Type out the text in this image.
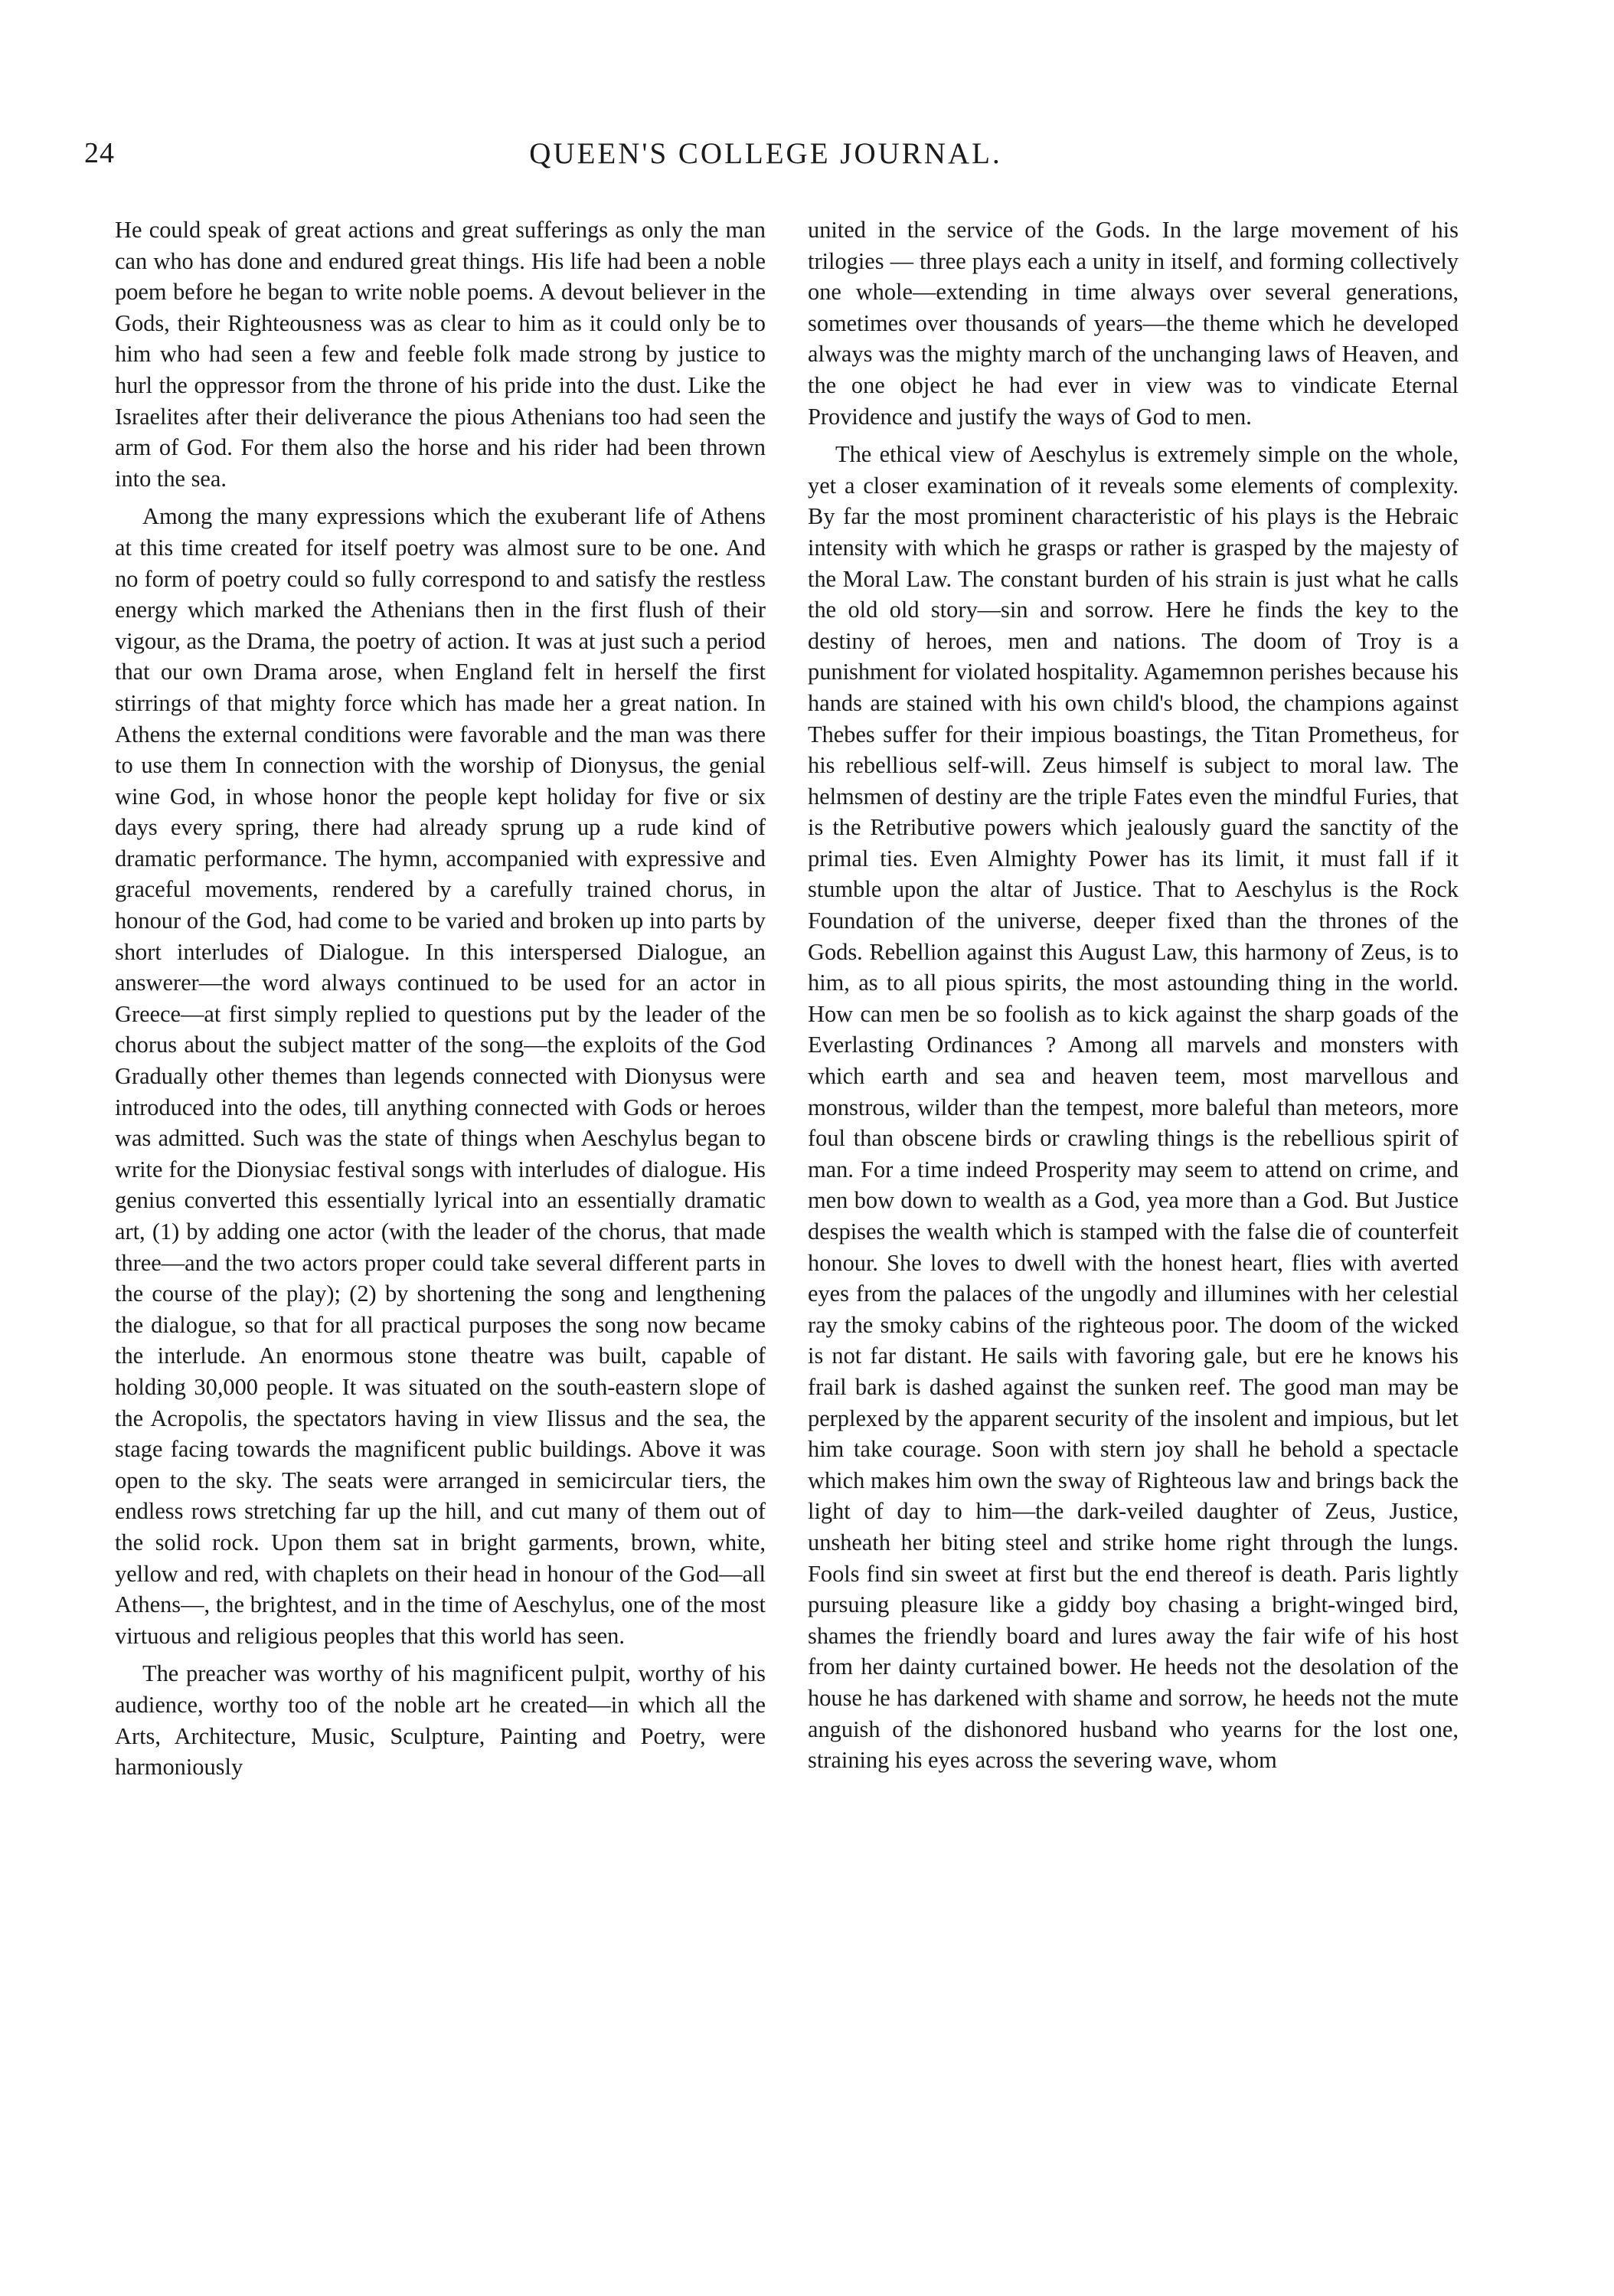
24	QUEEN'S COLLEGE JOURNAL.

He could speak of great actions and great sufferings as only the man can who has done and endured great things. His life had been a noble poem before he began to write noble poems. A devout believer in the Gods, their Righteousness was as clear to him as it could only be to him who had seen a few and feeble folk made strong by justice to hurl the oppressor from the throne of his pride into the dust. Like the Israelites after their deliverance the pious Athenians too had seen the arm of God. For them also the horse and his rider had been thrown into the sea.

Among the many expressions which the exuberant life of Athens at this time created for itself poetry was almost sure to be one. And no form of poetry could so fully correspond to and satisfy the restless energy which marked the Athenians then in the first flush of their vigour, as the Drama, the poetry of action. It was at just such a period that our own Drama arose, when England felt in herself the first stirrings of that mighty force which has made her a great nation. In Athens the external conditions were favorable and the man was there to use them In connection with the worship of Dionysus, the genial wine God, in whose honor the people kept holiday for five or six days every spring, there had already sprung up a rude kind of dramatic performance. The hymn, accompanied with expressive and graceful movements, rendered by a carefully trained chorus, in honour of the God, had come to be varied and broken up into parts by short interludes of Dialogue. In this interspersed Dialogue, an answerer—the word always continued to be used for an actor in Greece—at first simply replied to questions put by the leader of the chorus about the subject matter of the song—the exploits of the God Gradually other themes than legends connected with Dionysus were introduced into the odes, till anything connected with Gods or heroes was admitted. Such was the state of things when Aeschylus began to write for the Dionysiac festival songs with interludes of dialogue. His genius converted this essentially lyrical into an essentially dramatic art, (1) by adding one actor (with the leader of the chorus, that made three—and the two actors proper could take several different parts in the course of the play); (2) by shortening the song and lengthening the dialogue, so that for all practical purposes the song now became the interlude. An enormous stone theatre was built, capable of holding 30,000 people. It was situated on the south-eastern slope of the Acropolis, the spectators having in view Ilissus and the sea, the stage facing towards the magnificent public buildings. Above it was open to the sky. The seats were arranged in semicircular tiers, the endless rows stretching far up the hill, and cut many of them out of the solid rock. Upon them sat in bright garments, brown, white, yellow and red, with chaplets on their head in honour of the God—all Athens—, the brightest, and in the time of Aeschylus, one of the most virtuous and religious peoples that this world has seen.

The preacher was worthy of his magnificent pulpit, worthy of his audience, worthy too of the noble art he created—in which all the Arts, Architecture, Music, Sculpture, Painting and Poetry, were harmoniously

united in the service of the Gods. In the large movement of his trilogies — three plays each a unity in itself, and forming collectively one whole—extending in time always over several generations, sometimes over thousands of years—the theme which he developed always was the mighty march of the unchanging laws of Heaven, and the one object he had ever in view was to vindicate Eternal Providence and justify the ways of God to men.

The ethical view of Aeschylus is extremely simple on the whole, yet a closer examination of it reveals some elements of complexity. By far the most prominent characteristic of his plays is the Hebraic intensity with which he grasps or rather is grasped by the majesty of the Moral Law. The constant burden of his strain is just what he calls the old old story—sin and sorrow. Here he finds the key to the destiny of heroes, men and nations. The doom of Troy is a punishment for violated hospitality. Agamemnon perishes because his hands are stained with his own child's blood, the champions against Thebes suffer for their impious boastings, the Titan Prometheus, for his rebellious self-will. Zeus himself is subject to moral law. The helmsmen of destiny are the triple Fates even the mindful Furies, that is the Retributive powers which jealously guard the sanctity of the primal ties. Even Almighty Power has its limit, it must fall if it stumble upon the altar of Justice. That to Aeschylus is the Rock Foundation of the universe, deeper fixed than the thrones of the Gods. Rebellion against this August Law, this harmony of Zeus, is to him, as to all pious spirits, the most astounding thing in the world. How can men be so foolish as to kick against the sharp goads of the Everlasting Ordinances ? Among all marvels and monsters with which earth and sea and heaven teem, most marvellous and monstrous, wilder than the tempest, more baleful than meteors, more foul than obscene birds or crawling things is the rebellious spirit of man. For a time indeed Prosperity may seem to attend on crime, and men bow down to wealth as a God, yea more than a God. But Justice despises the wealth which is stamped with the false die of counterfeit honour. She loves to dwell with the honest heart, flies with averted eyes from the palaces of the ungodly and illumines with her celestial ray the smoky cabins of the righteous poor. The doom of the wicked is not far distant. He sails with favoring gale, but ere he knows his frail bark is dashed against the sunken reef. The good man may be perplexed by the apparent security of the insolent and impious, but let him take courage. Soon with stern joy shall he behold a spectacle which makes him own the sway of Righteous law and brings back the light of day to him—the dark-veiled daughter of Zeus, Justice, unsheath her biting steel and strike home right through the lungs. Fools find sin sweet at first but the end thereof is death. Paris lightly pursuing pleasure like a giddy boy chasing a bright-winged bird, shames the friendly board and lures away the fair wife of his host from her dainty curtained bower. He heeds not the desolation of the house he has darkened with shame and sorrow, he heeds not the mute anguish of the dishonored husband who yearns for the lost one, straining his eyes across the severing wave, whom
